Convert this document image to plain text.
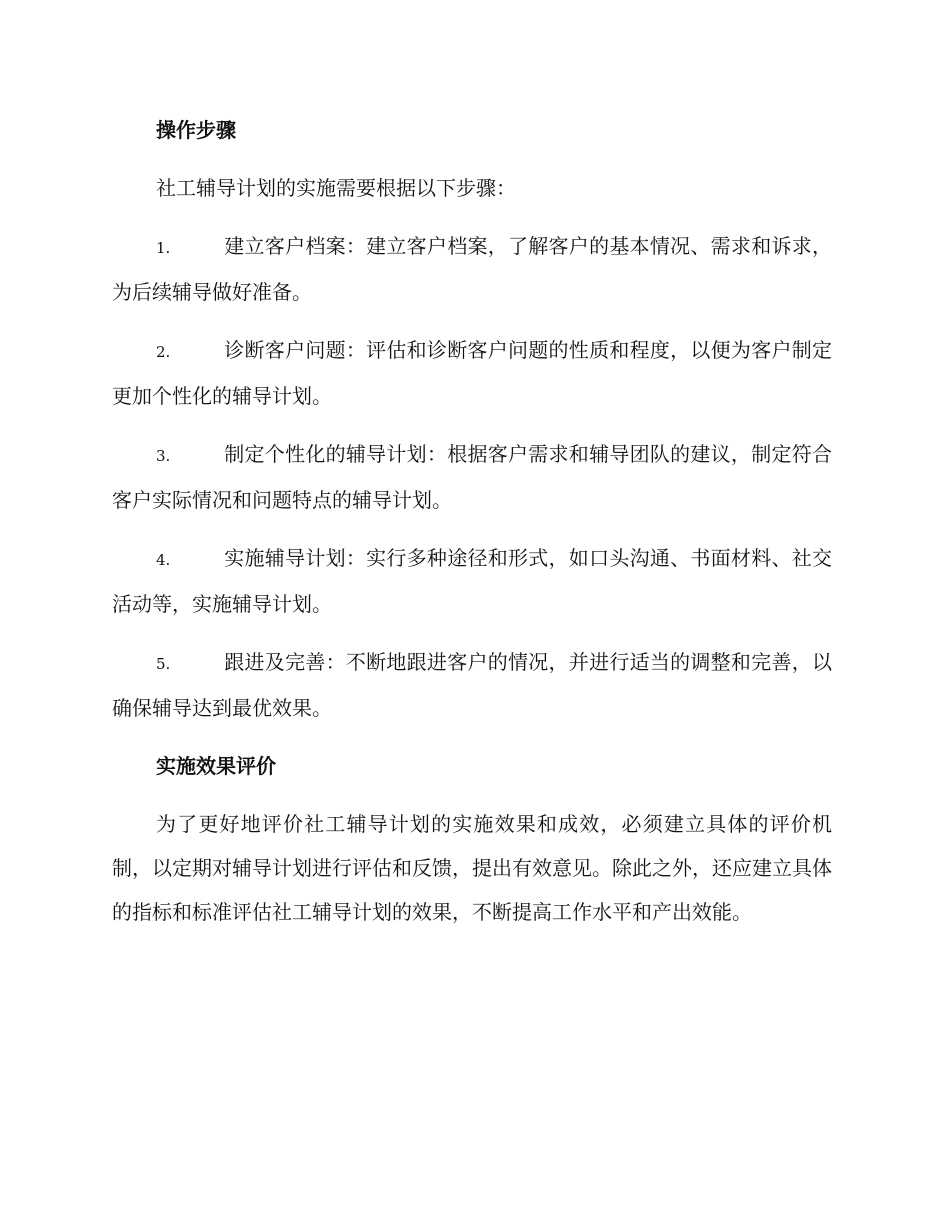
操作步骤

社工辅导计划的实施需要根据以下步骤：

1.	建立客户档案：建立客户档案，了解客户的基本情况、需求和诉求，为后续辅导做好准备。
2.	诊断客户问题：评估和诊断客户问题的性质和程度，以便为客户制定更加个性化的辅导计划。
3.	制定个性化的辅导计划：根据客户需求和辅导团队的建议，制定符合客户实际情况和问题特点的辅导计划。
4.	实施辅导计划：实行多种途径和形式，如口头沟通、书面材料、社交活动等，实施辅导计划。
5.	跟进及完善：不断地跟进客户的情况，并进行适当的调整和完善，以确保辅导达到最优效果。
实施效果评价

为了更好地评价社工辅导计划的实施效果和成效，必须建立具体的评价机制，以定期对辅导计划进行评估和反馈，提出有效意见。除此之外，还应建立具体的指标和标准评估社工辅导计划的效果，不断提高工作水平和产出效能。
